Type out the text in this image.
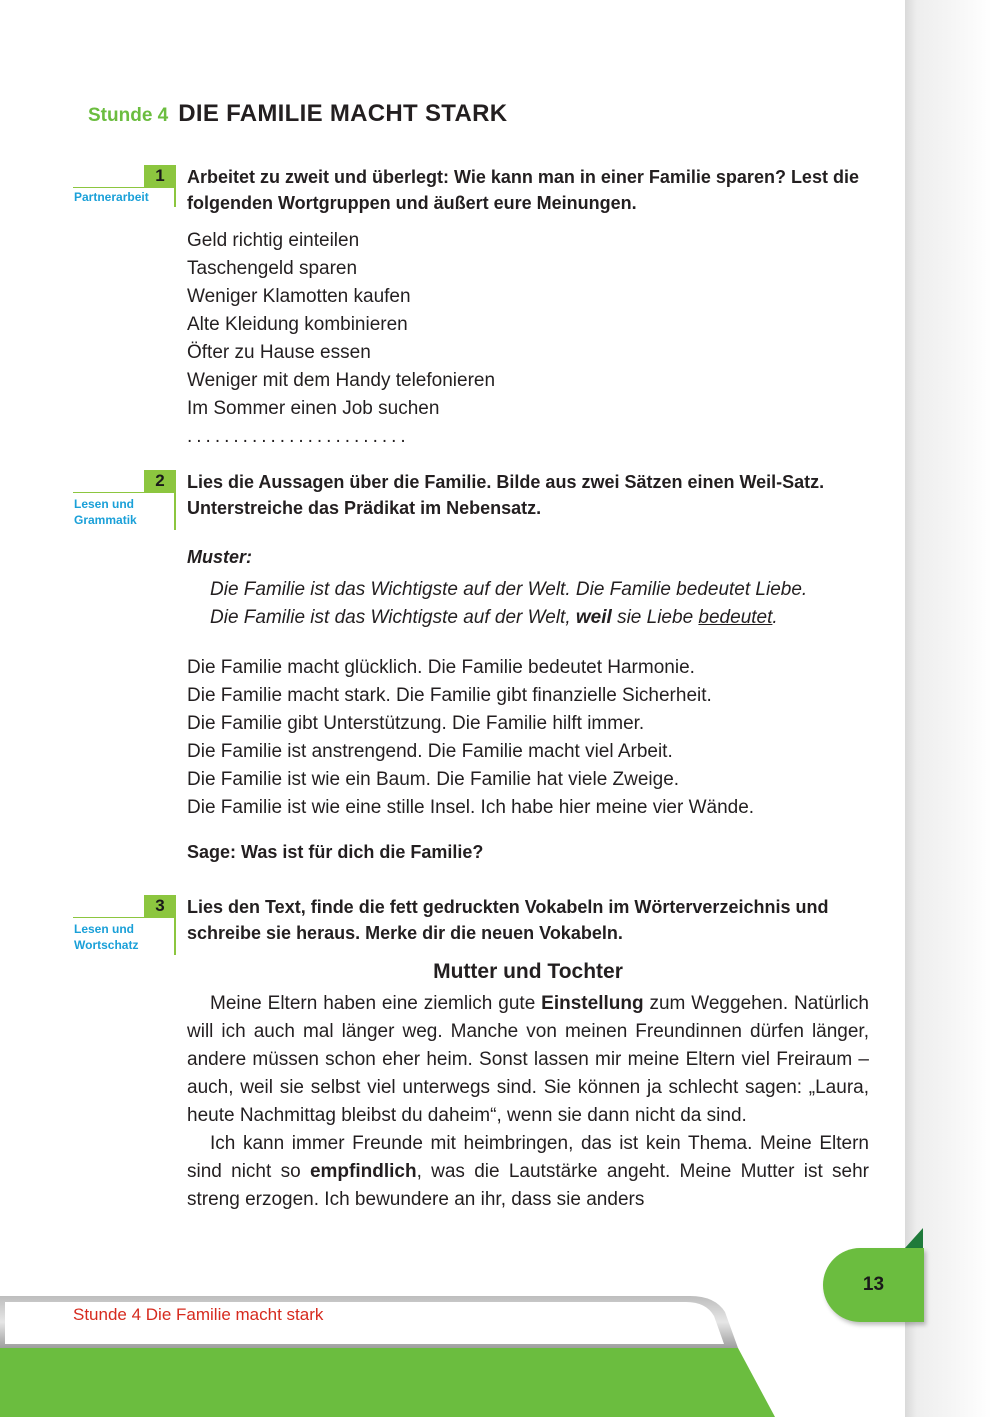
Stunde 4 DIE FAMILIE MACHT STARK
1
Partnerarbeit
Arbeitet zu zweit und überlegt: Wie kann man in einer Familie sparen? Lest die folgenden Wortgruppen und äußert eure Meinungen.
Geld richtig einteilen
Taschengeld sparen
Weniger Klamotten kaufen
Alte Kleidung kombinieren
Öfter zu Hause essen
Weniger mit dem Handy telefonieren
Im Sommer einen Job suchen
........................
2
Lesen und
Grammatik
Lies die Aussagen über die Familie. Bilde aus zwei Sätzen einen Weil-Satz. Unterstreiche das Prädikat im Nebensatz.
Muster:
Die Familie ist das Wichtigste auf der Welt. Die Familie bedeutet Liebe.
Die Familie ist das Wichtigste auf der Welt, weil sie Liebe bedeutet.
Die Familie macht glücklich. Die Familie bedeutet Harmonie.
Die Familie macht stark. Die Familie gibt finanzielle Sicherheit.
Die Familie gibt Unterstützung. Die Familie hilft immer.
Die Familie ist anstrengend. Die Familie macht viel Arbeit.
Die Familie ist wie ein Baum. Die Familie hat viele Zweige.
Die Familie ist wie eine stille Insel. Ich habe hier meine vier Wände.
Sage: Was ist für dich die Familie?
3
Lesen und
Wortschatz
Lies den Text, finde die fett gedruckten Vokabeln im Wörterverzeichnis und schreibe sie heraus. Merke dir die neuen Vokabeln.
Mutter und Tochter

Meine Eltern haben eine ziemlich gute Einstellung zum Weggehen. Natürlich will ich auch mal länger weg. Manche von meinen Freundinnen dürfen länger, andere müssen schon eher heim. Sonst lassen mir meine Eltern viel Freiraum – auch, weil sie selbst viel unterwegs sind. Sie können ja schlecht sagen: „Laura, heute Nachmittag bleibst du daheim“, wenn sie dann nicht da sind.

Ich kann immer Freunde mit heimbringen, das ist kein Thema. Meine Eltern sind nicht so empfindlich, was die Lautstärke angeht. Meine Mutter ist sehr streng erzogen. Ich bewundere an ihr, dass sie anders

13
Stunde 4 Die Familie macht stark
